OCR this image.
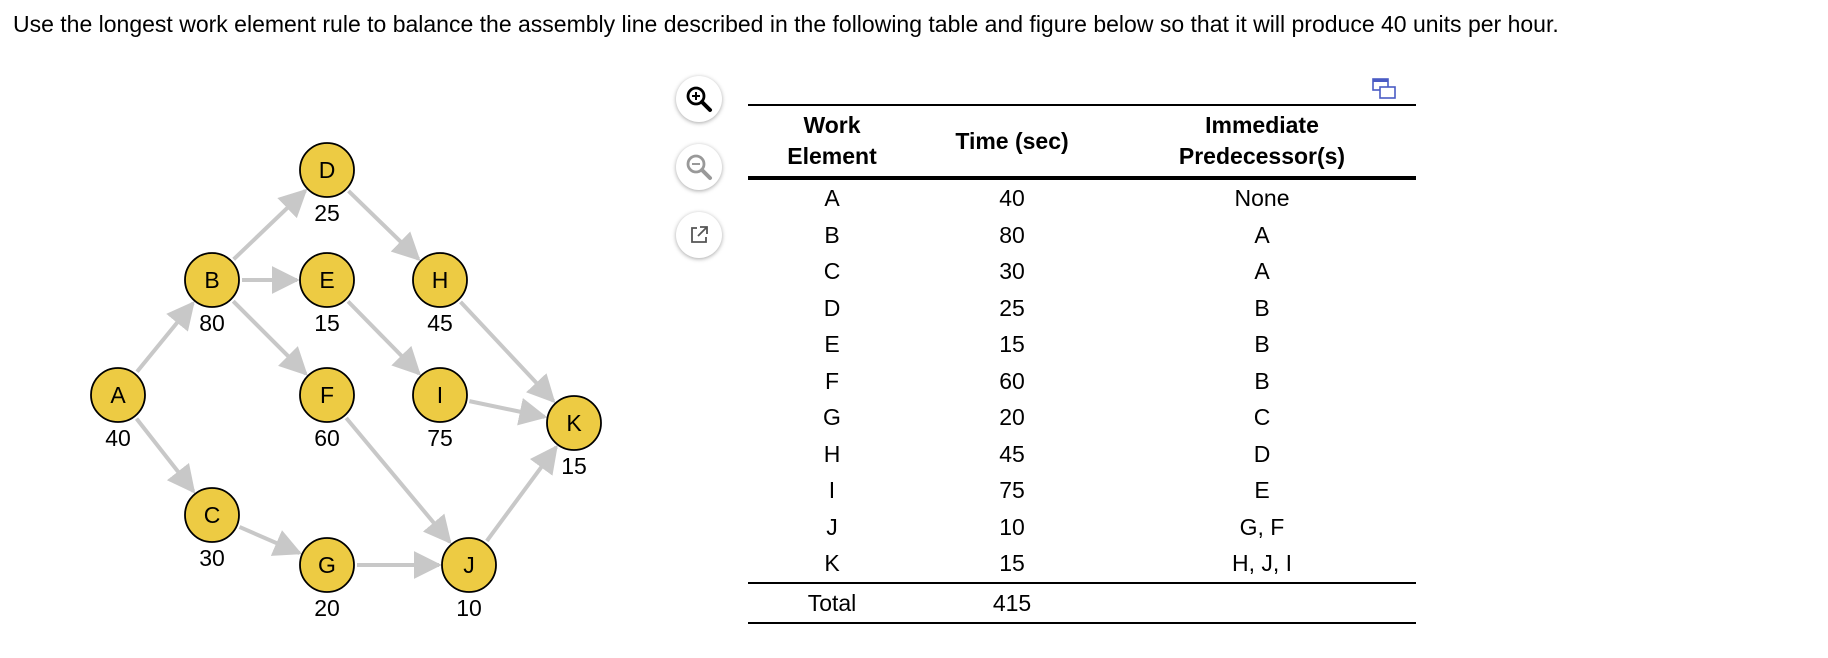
Use the longest work element rule to balance the assembly line described in the following table and figure below so that it will produce 40 units per hour.
A
40
B
80
C
30
D
25
E
15
F
60
G
20
H
45
I
75
J
10
K
15
Work
Element	Time (sec)	Immediate
Predecessor(s)
A	40	None
B	80	A
C	30	A
D	25	B
E	15	B
F	60	B
G	20	C
H	45	D
I	75	E
J	10	G, F
K	15	H, J, I
Total	415	
